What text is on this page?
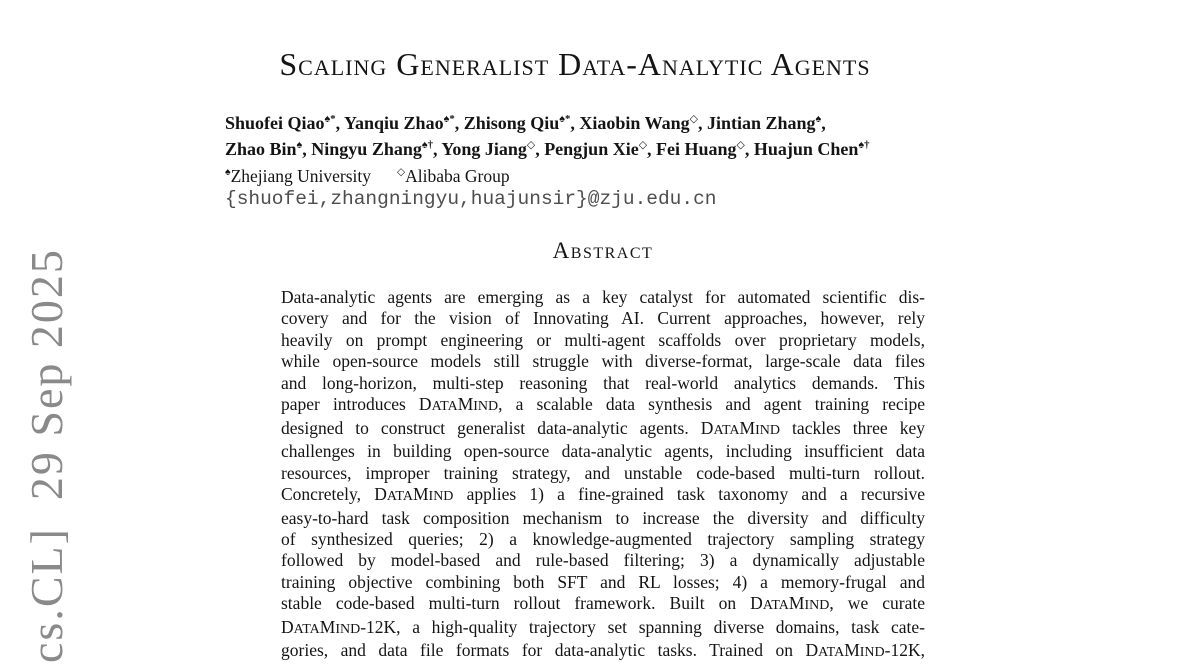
cs.CL]  29 Sep 2025
Scaling Generalist Data-Analytic Agents
Shuofei Qiao♠*, Yanqiu Zhao♠*, Zhisong Qiu♠*, Xiaobin Wang◇, Jintian Zhang♠,
Zhao Bin♠, Ningyu Zhang♠†, Yong Jiang◇, Pengjun Xie◇, Fei Huang◇, Huajun Chen♠†
♠Zhejiang University ◇Alibaba Group
{shuofei,zhangningyu,huajunsir}@zju.edu.cn
Abstract
Data-analytic agents are emerging as a key catalyst for automated scientific dis-
covery and for the vision of Innovating AI. Current approaches, however, rely
heavily on prompt engineering or multi-agent scaffolds over proprietary models,
while open-source models still struggle with diverse-format, large-scale data files
and long-horizon, multi-step reasoning that real-world analytics demands. This
paper introduces DATAMIND, a scalable data synthesis and agent training recipe
designed to construct generalist data-analytic agents. DATAMIND tackles three key
challenges in building open-source data-analytic agents, including insufficient data
resources, improper training strategy, and unstable code-based multi-turn rollout.
Concretely, DATAMIND applies 1) a fine-grained task taxonomy and a recursive
easy-to-hard task composition mechanism to increase the diversity and difficulty
of synthesized queries; 2) a knowledge-augmented trajectory sampling strategy
followed by model-based and rule-based filtering; 3) a dynamically adjustable
training objective combining both SFT and RL losses; 4) a memory-frugal and
stable code-based multi-turn rollout framework. Built on DATAMIND, we curate
DATAMIND-12K, a high-quality trajectory set spanning diverse domains, task cate-
gories, and data file formats for data-analytic tasks. Trained on DATAMIND-12K,
